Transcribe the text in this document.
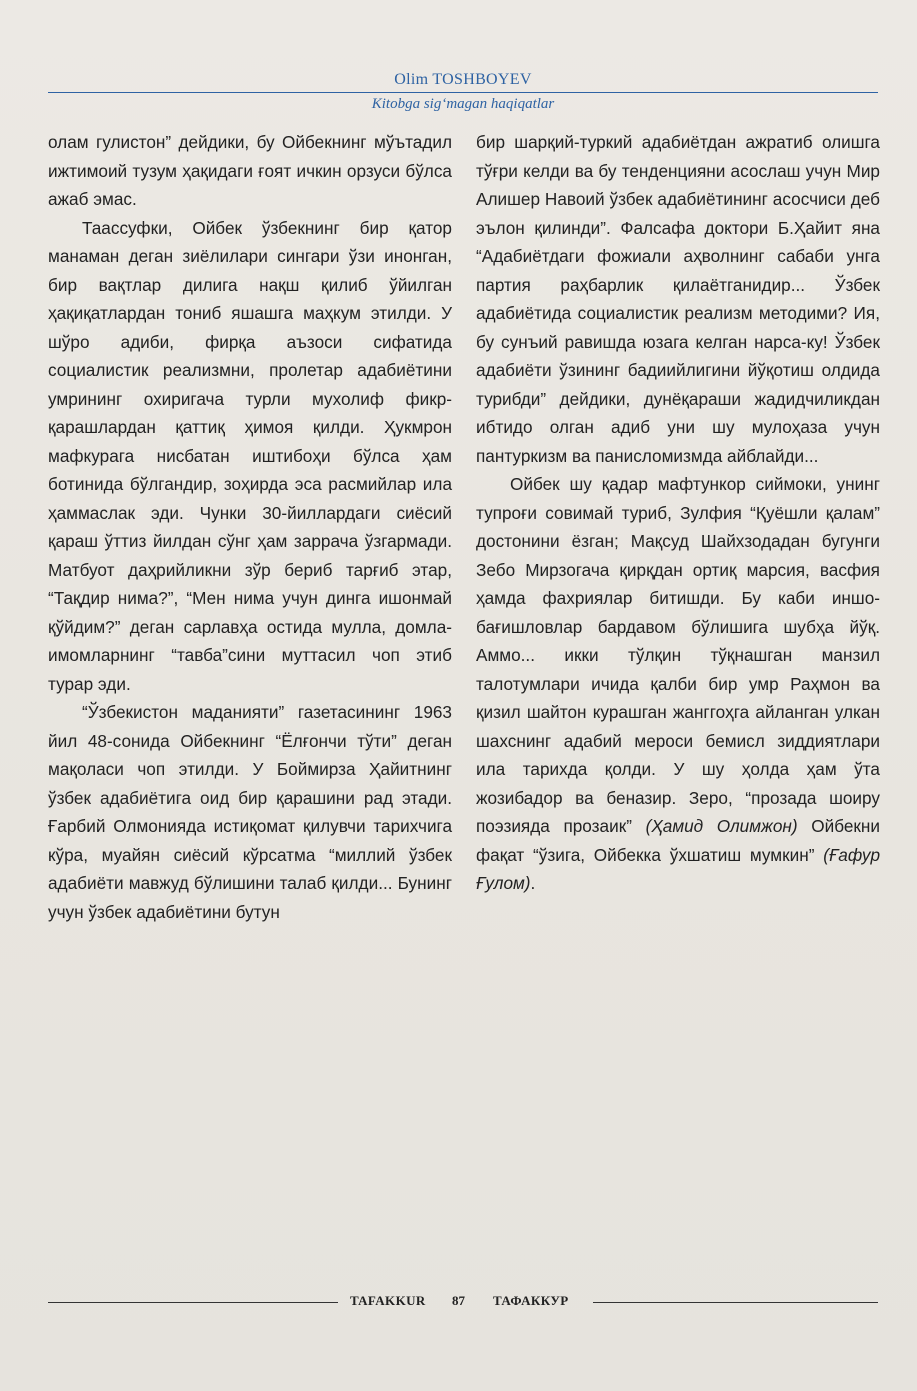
Olim TOSHBOYEV
Kitobga sig‘magan haqiqatlar

олам гулистон” дейдики, бу Ойбекнинг мўътадил ижтимоий тузум ҳақидаги ғоят ичкин орзуси бўлса ажаб эмас.

Таассуфки, Ойбек ўзбекнинг бир қатор манаман деган зиёлилари сингари ўзи инонган, бир вақтлар дилига нақш қилиб ўйилган ҳақиқатлардан тониб яшашга маҳкум этилди. У шўро адиби, фирқа аъзоси сифатида социалистик реализмни, пролетар адабиётини умрининг охиригача турли мухолиф фикр-қарашлардан қаттиқ ҳимоя қилди. Ҳукмрон мафкурага нисбатан иштибоҳи бўлса ҳам ботинида бўлгандир, зоҳирда эса расмийлар ила ҳаммаслак эди. Чунки 30-йиллардаги сиёсий қараш ўттиз йилдан сўнг ҳам заррача ўзгармади. Матбуот даҳрийликни зўр бериб тарғиб этар, “Тақдир нима?”, “Мен нима учун динга ишонмай қўйдим?” деган сарлавҳа остида мулла, домла-имомларнинг “тавба”сини муттасил чоп этиб турар эди.

“Ўзбекистон маданияти” газетасининг 1963 йил 48-сонида Ойбекнинг “Ёлғончи тўти” деган мақоласи чоп этилди. У Боймирза Ҳайитнинг ўзбек адабиётига оид бир қарашини рад этади. Ғарбий Олмонияда истиқомат қилувчи тарихчига кўра, муайян сиёсий кўрсатма “миллий ўзбек адабиёти мавжуд бўлишини талаб қилди... Бунинг учун ўзбек адабиётини бутун

бир шарқий-туркий адабиётдан ажратиб олишга тўғри келди ва бу тенденцияни асослаш учун Мир Алишер Навоий ўзбек адабиётининг асосчиси деб эълон қилинди”. Фалсафа доктори Б.Ҳайит яна “Адабиётдаги фожиали аҳволнинг сабаби унга партия раҳбарлик қилаётганидир... Ўзбек адабиётида социалистик реализм методими? Ия, бу сунъий равишда юзага келган нарса-ку! Ўзбек адабиёти ўзининг бадиийлигини йўқотиш олдида турибди” дейдики, дунёқараши жадидчиликдан ибтидо олган адиб уни шу мулоҳаза учун пантуркизм ва панисломизмда айблайди...

Ойбек шу қадар мафтункор сиймоки, унинг тупроғи совимай туриб, Зулфия “Қуёшли қалам” достонини ёзган; Мақсуд Шайхзодадан бугунги Зебо Мирзогача қирқдан ортиқ марсия, васфия ҳамда фахриялар битишди. Бу каби иншо-бағишловлар бардавом бўлишига шубҳа йўқ. Аммо... икки тўлқин тўқнашган манзил талотумлари ичида қалби бир умр Раҳмон ва қизил шайтон курашган жанггоҳга айланган улкан шахснинг адабий мероси бемисл зиддиятлари ила тарихда қолди. У шу ҳолда ҳам ўта жозибадор ва беназир. Зеро, “прозада шоиру поэзияда прозаик” (Ҳамид Олимжон) Ойбекни фақат “ўзига, Ойбекка ўхшатиш мумкин” (Ғафур Ғулом).

TAFAKKUR 87 ТАФАККУР
